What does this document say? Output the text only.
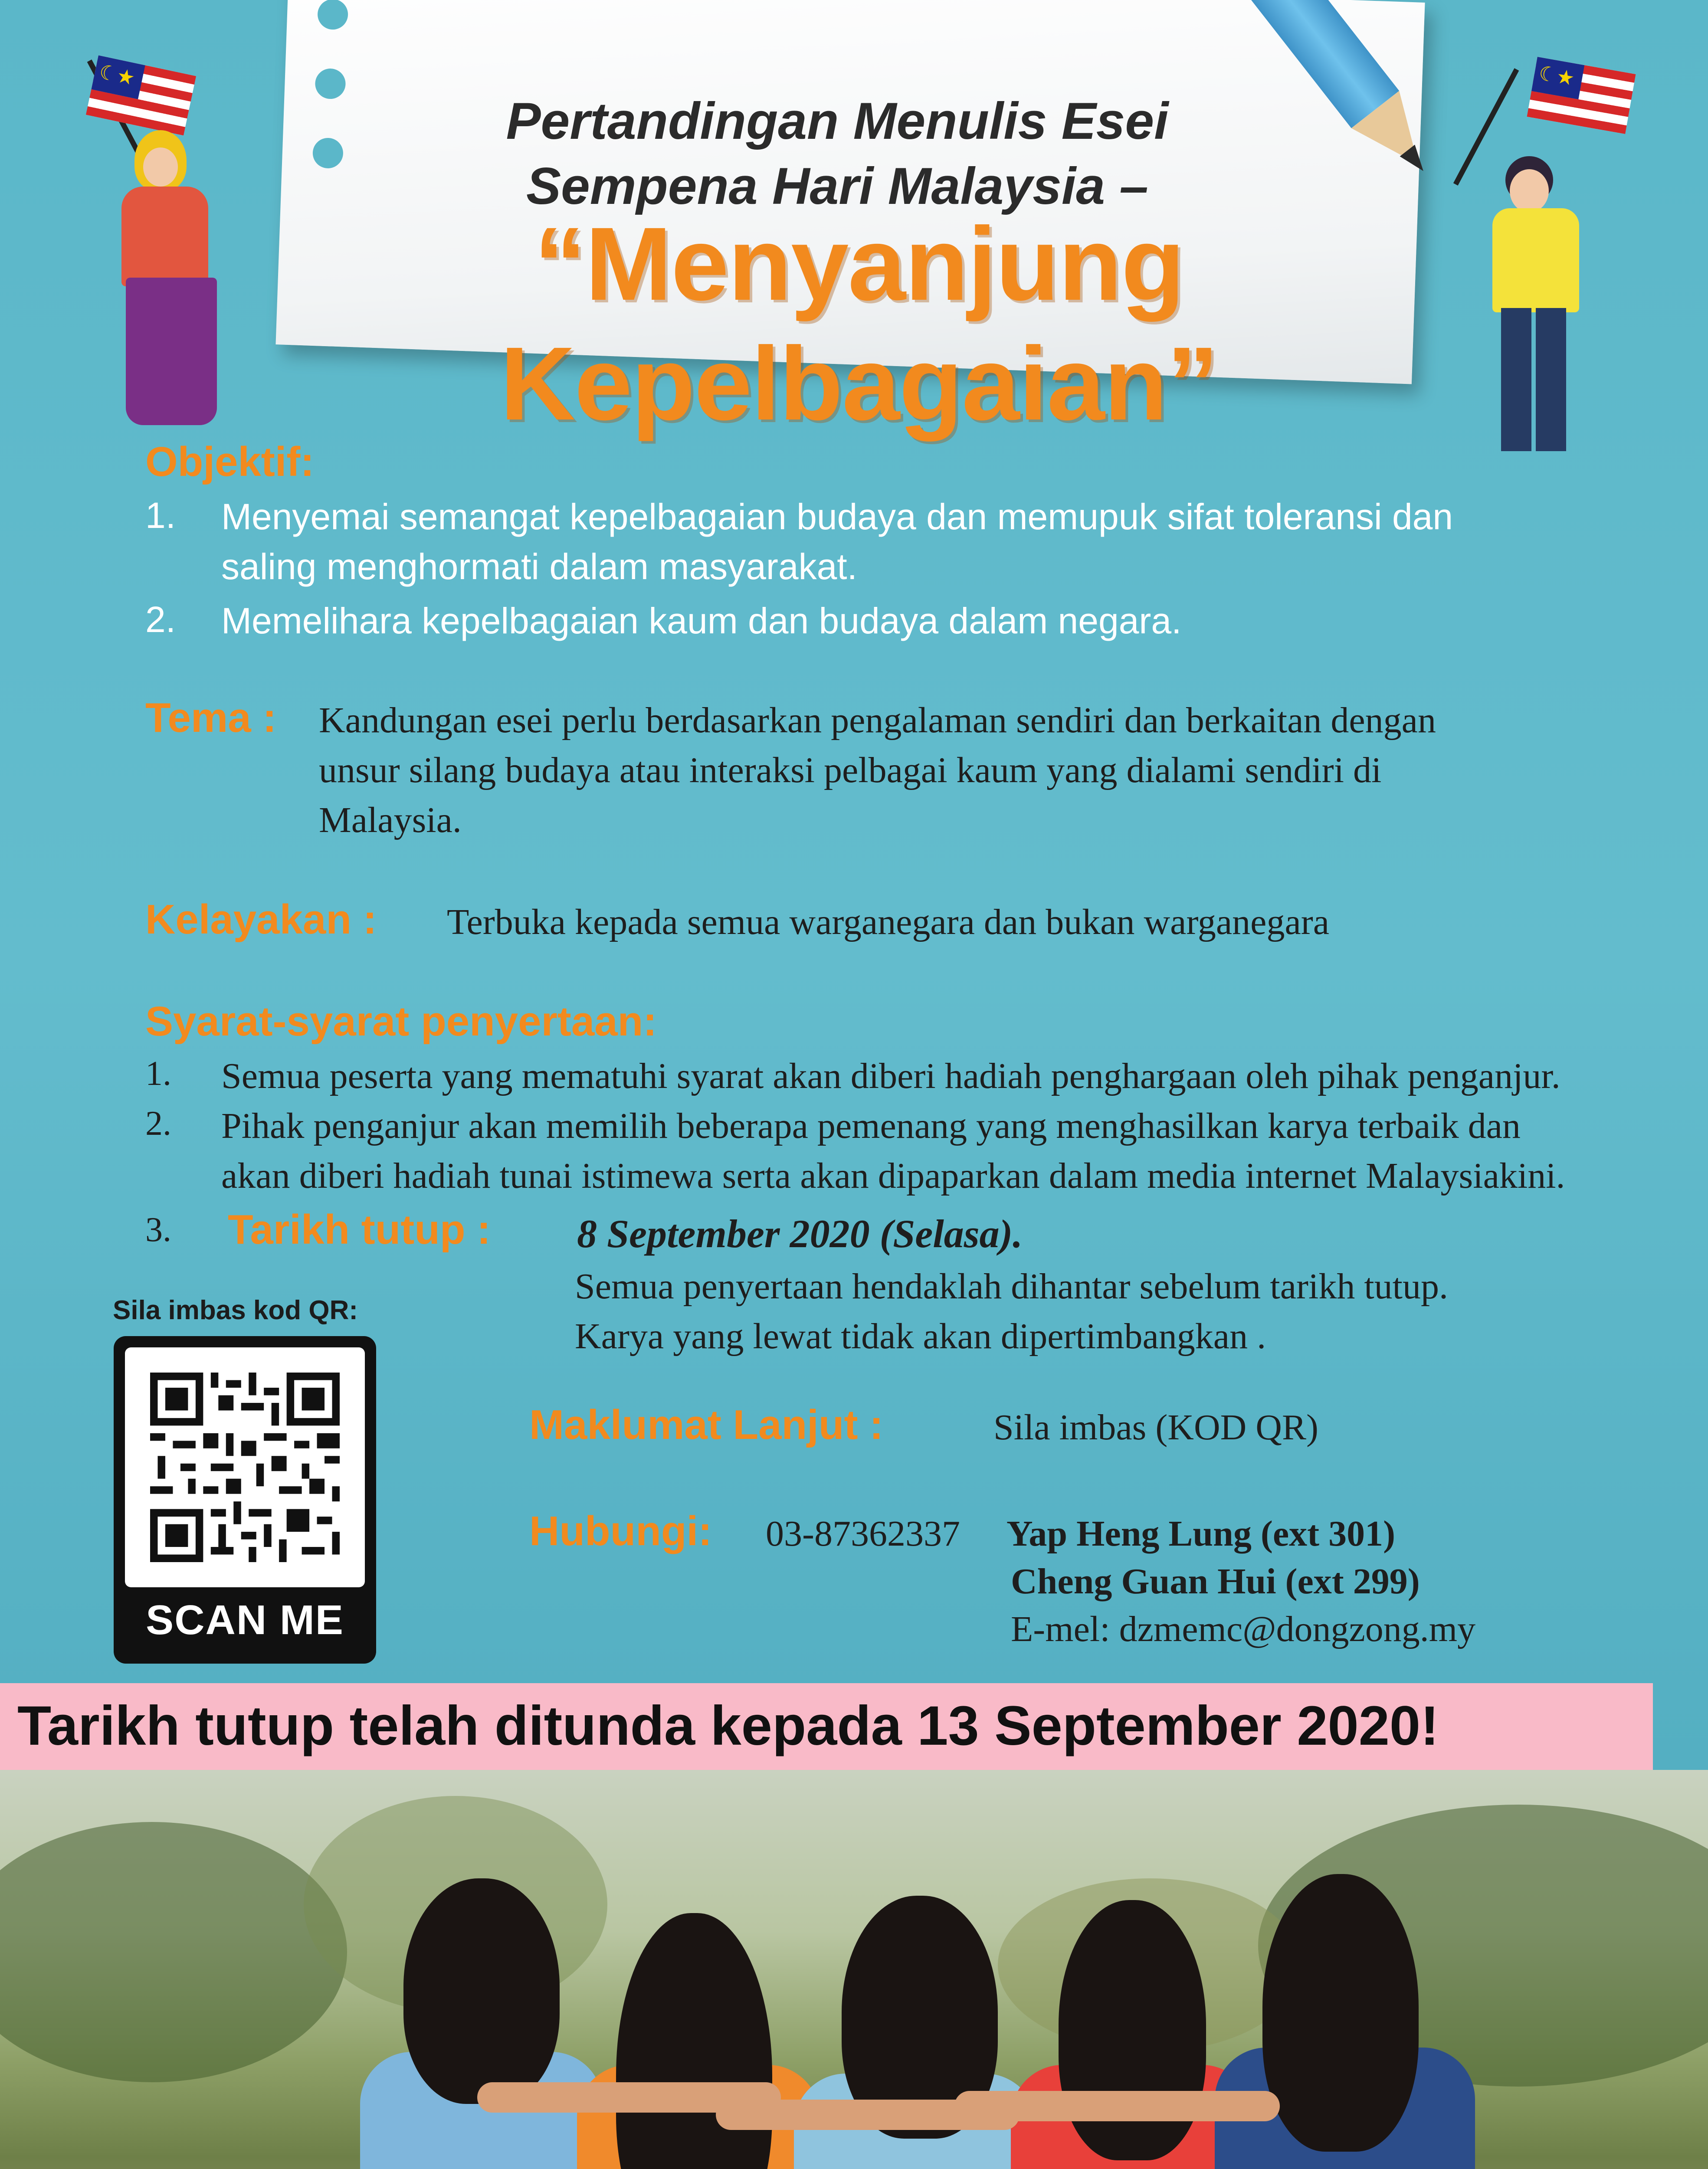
☾★
☾★
Pertandingan Menulis Esei
Sempena Hari Malaysia –
“Menyanjung Kepelbagaian”
Objektif:
1. Menyemai semangat kepelbagaian budaya dan memupuk sifat toleransi dan
saling menghormati dalam masyarakat.
2. Memelihara kepelbagaian kaum dan budaya dalam negara.
Tema : Kandungan esei perlu berdasarkan pengalaman sendiri dan berkaitan dengan
unsur silang budaya atau interaksi pelbagai kaum yang dialami sendiri di
Malaysia.
Kelayakan : Terbuka kepada semua warganegara dan bukan warganegara
Syarat-syarat penyertaan:
1. Semua peserta yang mematuhi syarat akan diberi hadiah penghargaan oleh pihak penganjur.
2. Pihak penganjur akan memilih beberapa pemenang yang menghasilkan karya terbaik dan
akan diberi hadiah tunai istimewa serta akan dipaparkan dalam media internet Malaysiakini.
3. Tarikh tutup : 8 September 2020 (Selasa).
Semua penyertaan hendaklah dihantar sebelum tarikh tutup.
Karya yang lewat tidak akan dipertimbangkan .
Sila imbas kod QR:
SCAN ME
Maklumat Lanjut :	Sila imbas (KOD QR)
Hubungi: 03-87362337 Yap Heng Lung (ext 301)
Cheng Guan Hui (ext 299)
E-mel: dzmemc@dongzong.my
Tarikh tutup telah ditunda kepada 13 September 2020!
